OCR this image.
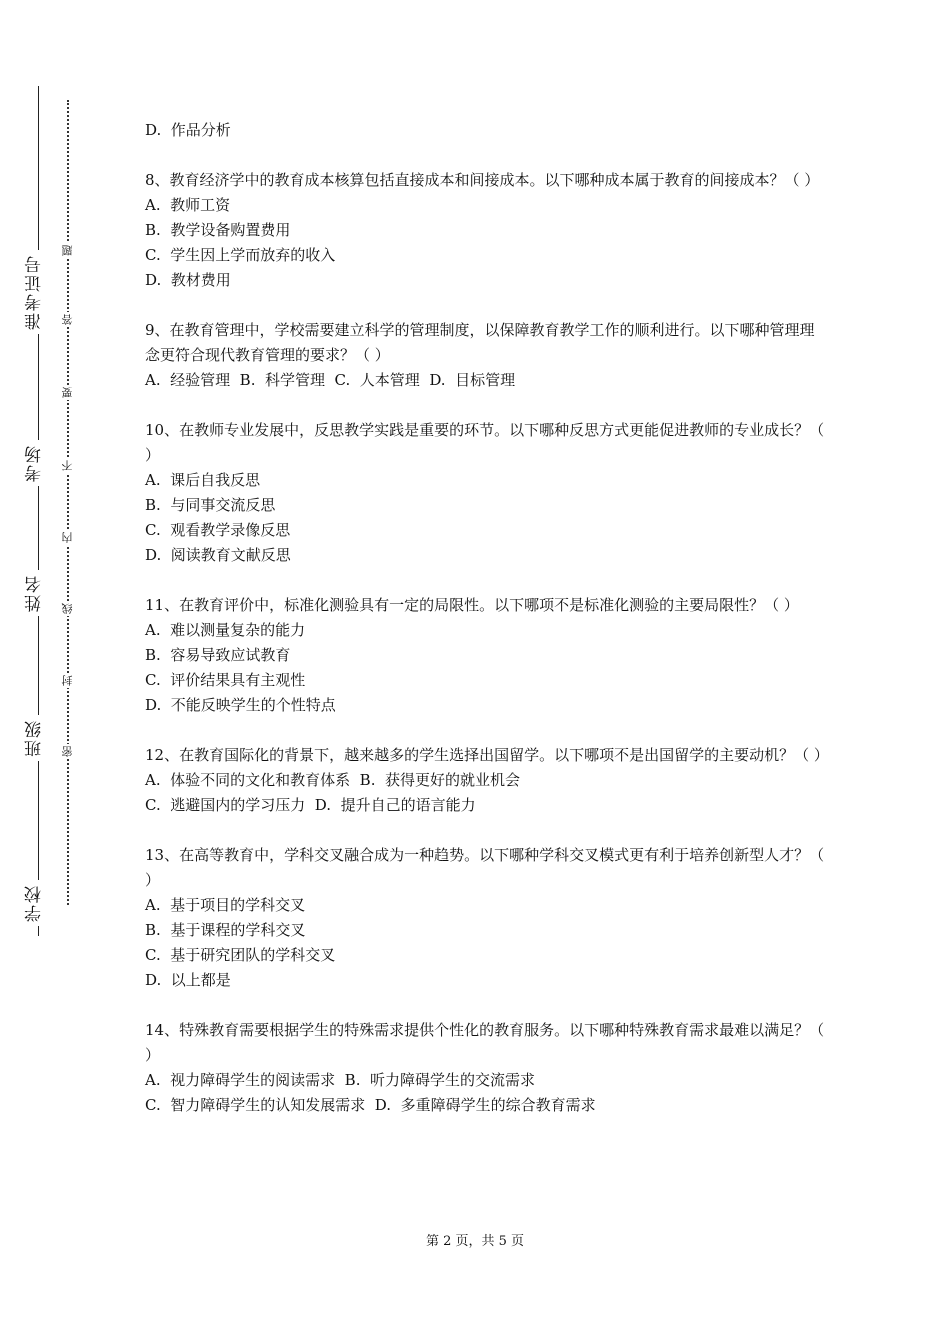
准考证号
考场
姓名
班级
学校
题
答
要
不
内
线
封
密
D.  作品分析
8、教育经济学中的教育成本核算包括直接成本和间接成本。以下哪种成本属于教育的间接成本？（ ）
A.  教师工资
B.  教学设备购置费用
C.  学生因上学而放弃的收入
D.  教材费用
9、在教育管理中，学校需要建立科学的管理制度，以保障教育教学工作的顺利进行。以下哪种管理理念更符合现代教育管理的要求？（ ）
A.  经验管理  B.  科学管理  C.  人本管理  D.  目标管理
10、在教师专业发展中，反思教学实践是重要的环节。以下哪种反思方式更能促进教师的专业成长？（ ）
A.  课后自我反思
B.  与同事交流反思
C.  观看教学录像反思
D.  阅读教育文献反思
11、在教育评价中，标准化测验具有一定的局限性。以下哪项不是标准化测验的主要局限性？（ ）
A.  难以测量复杂的能力
B.  容易导致应试教育
C.  评价结果具有主观性
D.  不能反映学生的个性特点
12、在教育国际化的背景下，越来越多的学生选择出国留学。以下哪项不是出国留学的主要动机？（ ）
A.  体验不同的文化和教育体系  B.  获得更好的就业机会
C.  逃避国内的学习压力  D.  提升自己的语言能力
13、在高等教育中，学科交叉融合成为一种趋势。以下哪种学科交叉模式更有利于培养创新型人才？（ ）
A.  基于项目的学科交叉
B.  基于课程的学科交叉
C.  基于研究团队的学科交叉
D.  以上都是
14、特殊教育需要根据学生的特殊需求提供个性化的教育服务。以下哪种特殊教育需求最难以满足？（ ）
A.  视力障碍学生的阅读需求  B.  听力障碍学生的交流需求
C.  智力障碍学生的认知发展需求  D.  多重障碍学生的综合教育需求
第 2 页，共 5 页
